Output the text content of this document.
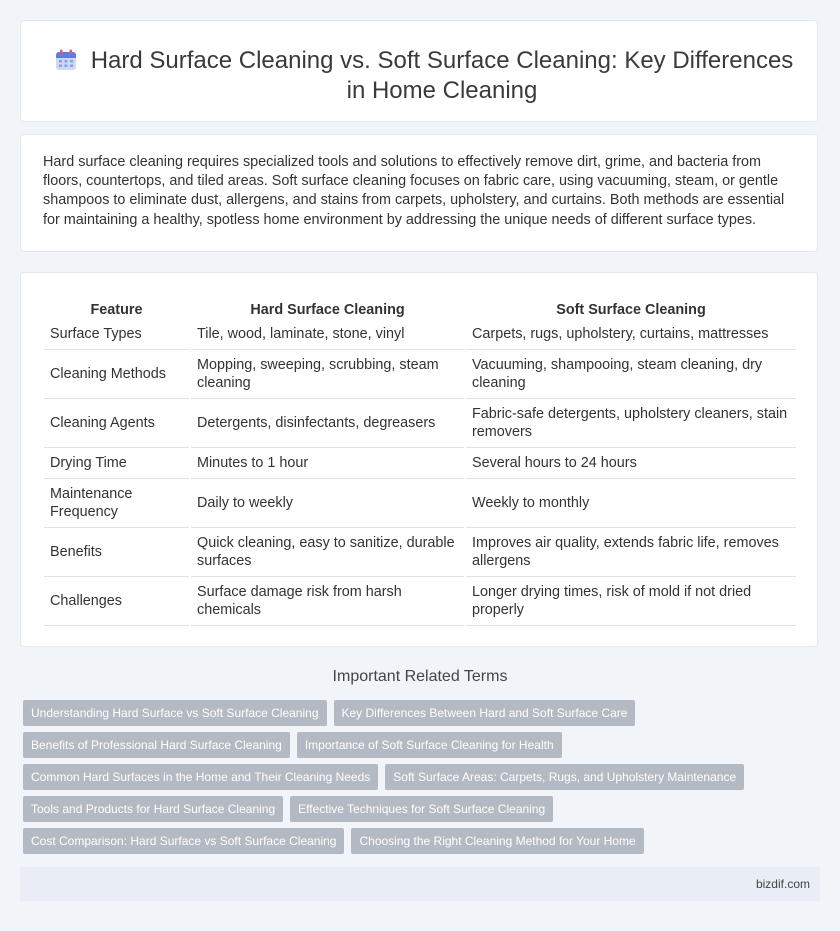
Hard Surface Cleaning vs. Soft Surface Cleaning: Key Differences in Home Cleaning

Hard surface cleaning requires specialized tools and solutions to effectively remove dirt, grime, and bacteria from floors, countertops, and tiled areas. Soft surface cleaning focuses on fabric care, using vacuuming, steam, or gentle shampoos to eliminate dust, allergens, and stains from carpets, upholstery, and curtains. Both methods are essential for maintaining a healthy, spotless home environment by addressing the unique needs of different surface types.

Feature	Hard Surface Cleaning	Soft Surface Cleaning
Surface Types	Tile, wood, laminate, stone, vinyl	Carpets, rugs, upholstery, curtains, mattresses
Cleaning Methods	Mopping, sweeping, scrubbing, steam cleaning	Vacuuming, shampooing, steam cleaning, dry cleaning
Cleaning Agents	Detergents, disinfectants, degreasers	Fabric-safe detergents, upholstery cleaners, stain removers
Drying Time	Minutes to 1 hour	Several hours to 24 hours
Maintenance Frequency	Daily to weekly	Weekly to monthly
Benefits	Quick cleaning, easy to sanitize, durable surfaces	Improves air quality, extends fabric life, removes allergens
Challenges	Surface damage risk from harsh chemicals	Longer drying times, risk of mold if not dried properly
Important Related Terms
Understanding Hard Surface vs Soft Surface Cleaning	Key Differences Between Hard and Soft Surface Care
Benefits of Professional Hard Surface Cleaning	Importance of Soft Surface Cleaning for Health
Common Hard Surfaces in the Home and Their Cleaning Needs	Soft Surface Areas: Carpets, Rugs, and Upholstery Maintenance
Tools and Products for Hard Surface Cleaning	Effective Techniques for Soft Surface Cleaning
Cost Comparison: Hard Surface vs Soft Surface Cleaning	Choosing the Right Cleaning Method for Your Home
bizdif.com
